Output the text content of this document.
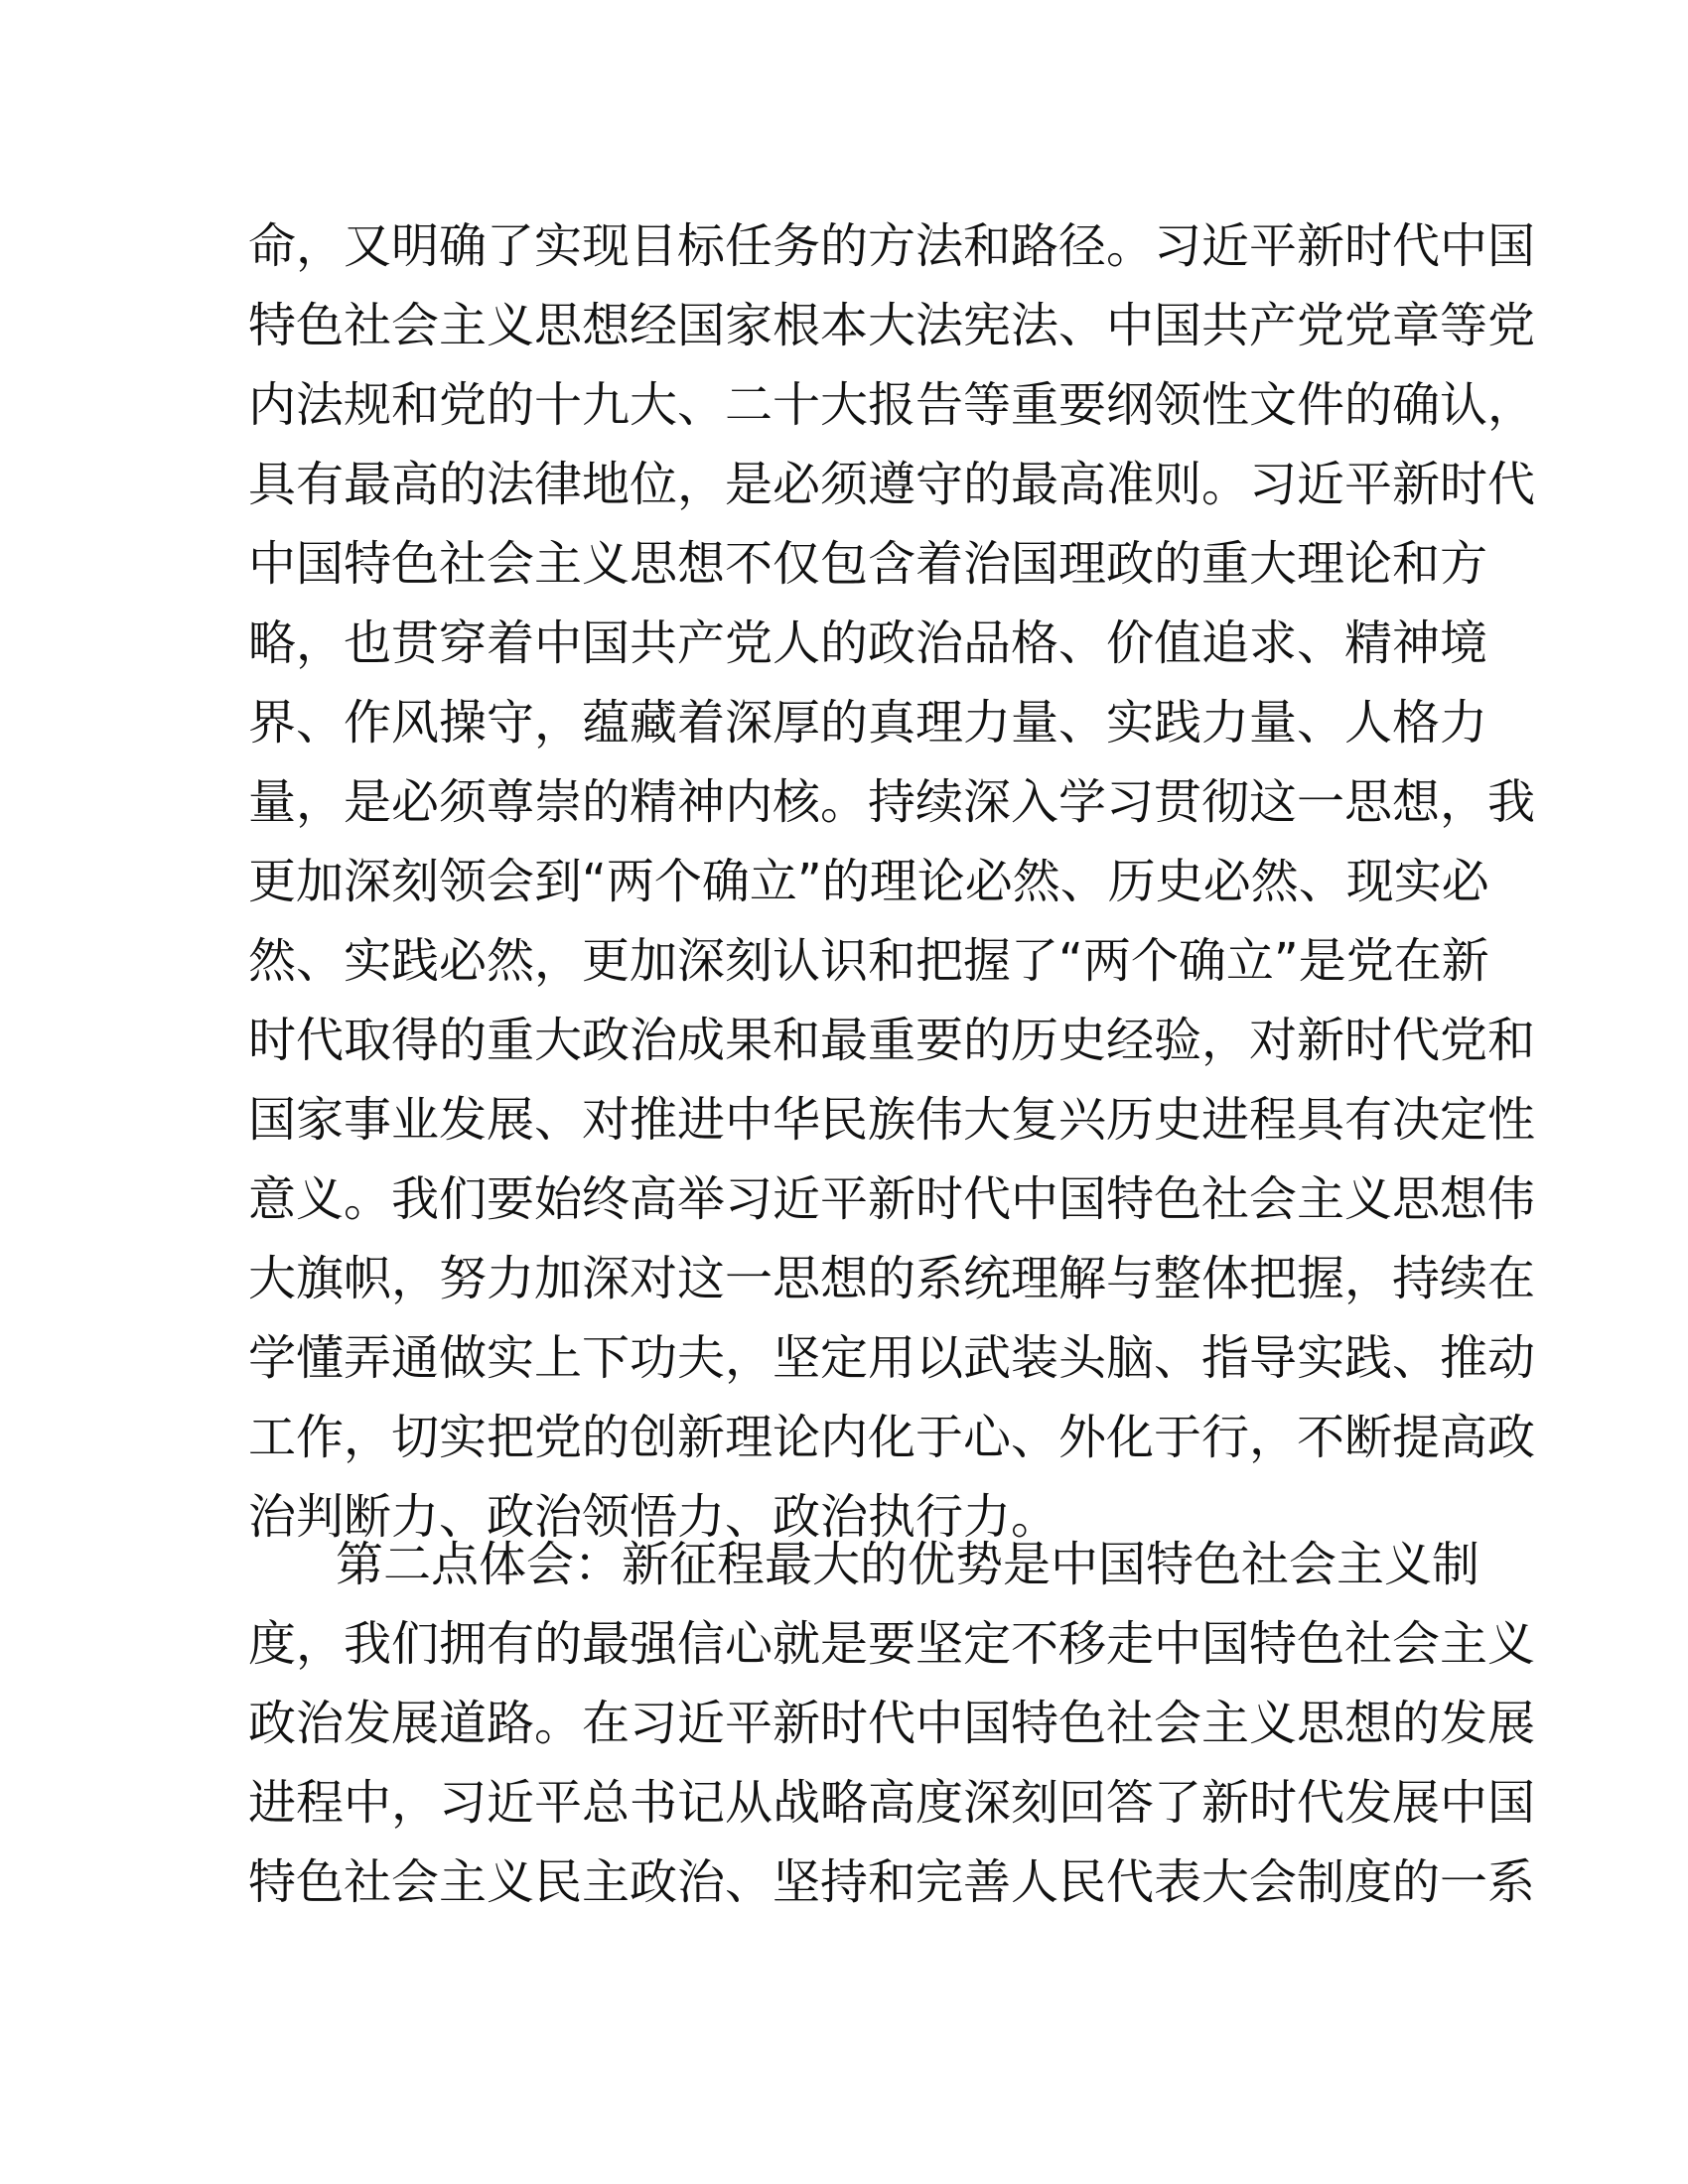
命，又明确了实现目标任务的方法和路径。习近平新时代中国
特色社会主义思想经国家根本大法宪法、中国共产党党章等党
内法规和党的十九大、二十大报告等重要纲领性文件的确认，
具有最高的法律地位，是必须遵守的最高准则。习近平新时代
中国特色社会主义思想不仅包含着治国理政的重大理论和方
略，也贯穿着中国共产党人的政治品格、价值追求、精神境
界、作风操守，蕴藏着深厚的真理力量、实践力量、人格力
量，是必须尊崇的精神内核。持续深入学习贯彻这一思想，我
更加深刻领会到“两个确立”的理论必然、历史必然、现实必
然、实践必然，更加深刻认识和把握了“两个确立”是党在新
时代取得的重大政治成果和最重要的历史经验，对新时代党和
国家事业发展、对推进中华民族伟大复兴历史进程具有决定性
意义。我们要始终高举习近平新时代中国特色社会主义思想伟
大旗帜，努力加深对这一思想的系统理解与整体把握，持续在
学懂弄通做实上下功夫，坚定用以武装头脑、指导实践、推动
工作，切实把党的创新理论内化于心、外化于行，不断提高政
治判断力、政治领悟力、政治执行力。
第二点体会：新征程最大的优势是中国特色社会主义制
度，我们拥有的最强信心就是要坚定不移走中国特色社会主义
政治发展道路。在习近平新时代中国特色社会主义思想的发展
进程中，习近平总书记从战略高度深刻回答了新时代发展中国
特色社会主义民主政治、坚持和完善人民代表大会制度的一系
